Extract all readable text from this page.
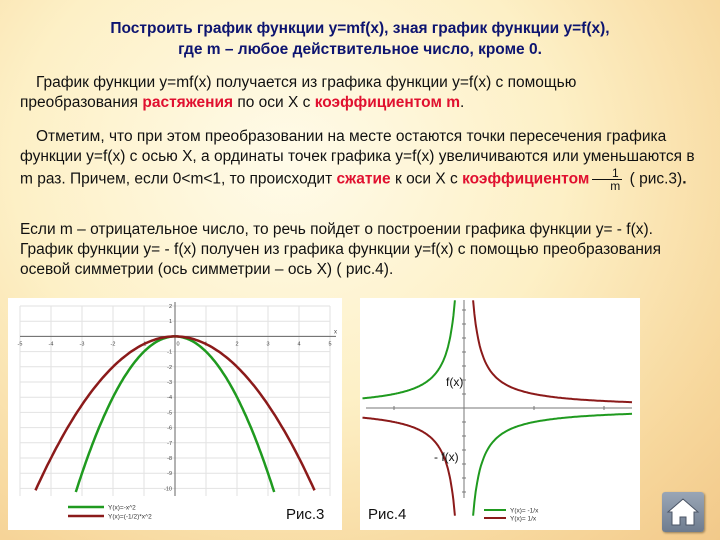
Построить график функции y=mf(x), зная график функции y=f(x),
где m – любое действительное число, кроме 0.
График функции y=mf(x) получается из графика функции y=f(x) с помощью преобразования растяжения по оси Х с коэффициентом m.
Отметим, что при этом преобразовании на месте остаются точки пересечения графика функции y=f(x) с осью Х, а ординаты точек графика y=f(x) увеличиваются или уменьшаются в m раз. Причем, если 0<m<1, то происходит сжатие к оси Х с коэффициентом $\frac{1}{m}$ ( рис.3).
Если m – отрицательное число, то речь пойдет о построении графика функции y= - f(x). График функции y= - f(x) получен из графика функции y=f(x) с помощью преобразования осевой симметрии (ось симметрии – ось Х) ( рис.4).
-5	-4	-3	-2	-1	0	1	2	3	4	5
2
1
-1
-2
-3
-4
-5
-6
-7
-8
-9
-10
x
Y(x)=-x^2
Y(x)=(-1/2)*x^2	Рис.3	Y(x)= -1/x
Y(x)= 1/x
Рис.4
f(x)
- f(x)
